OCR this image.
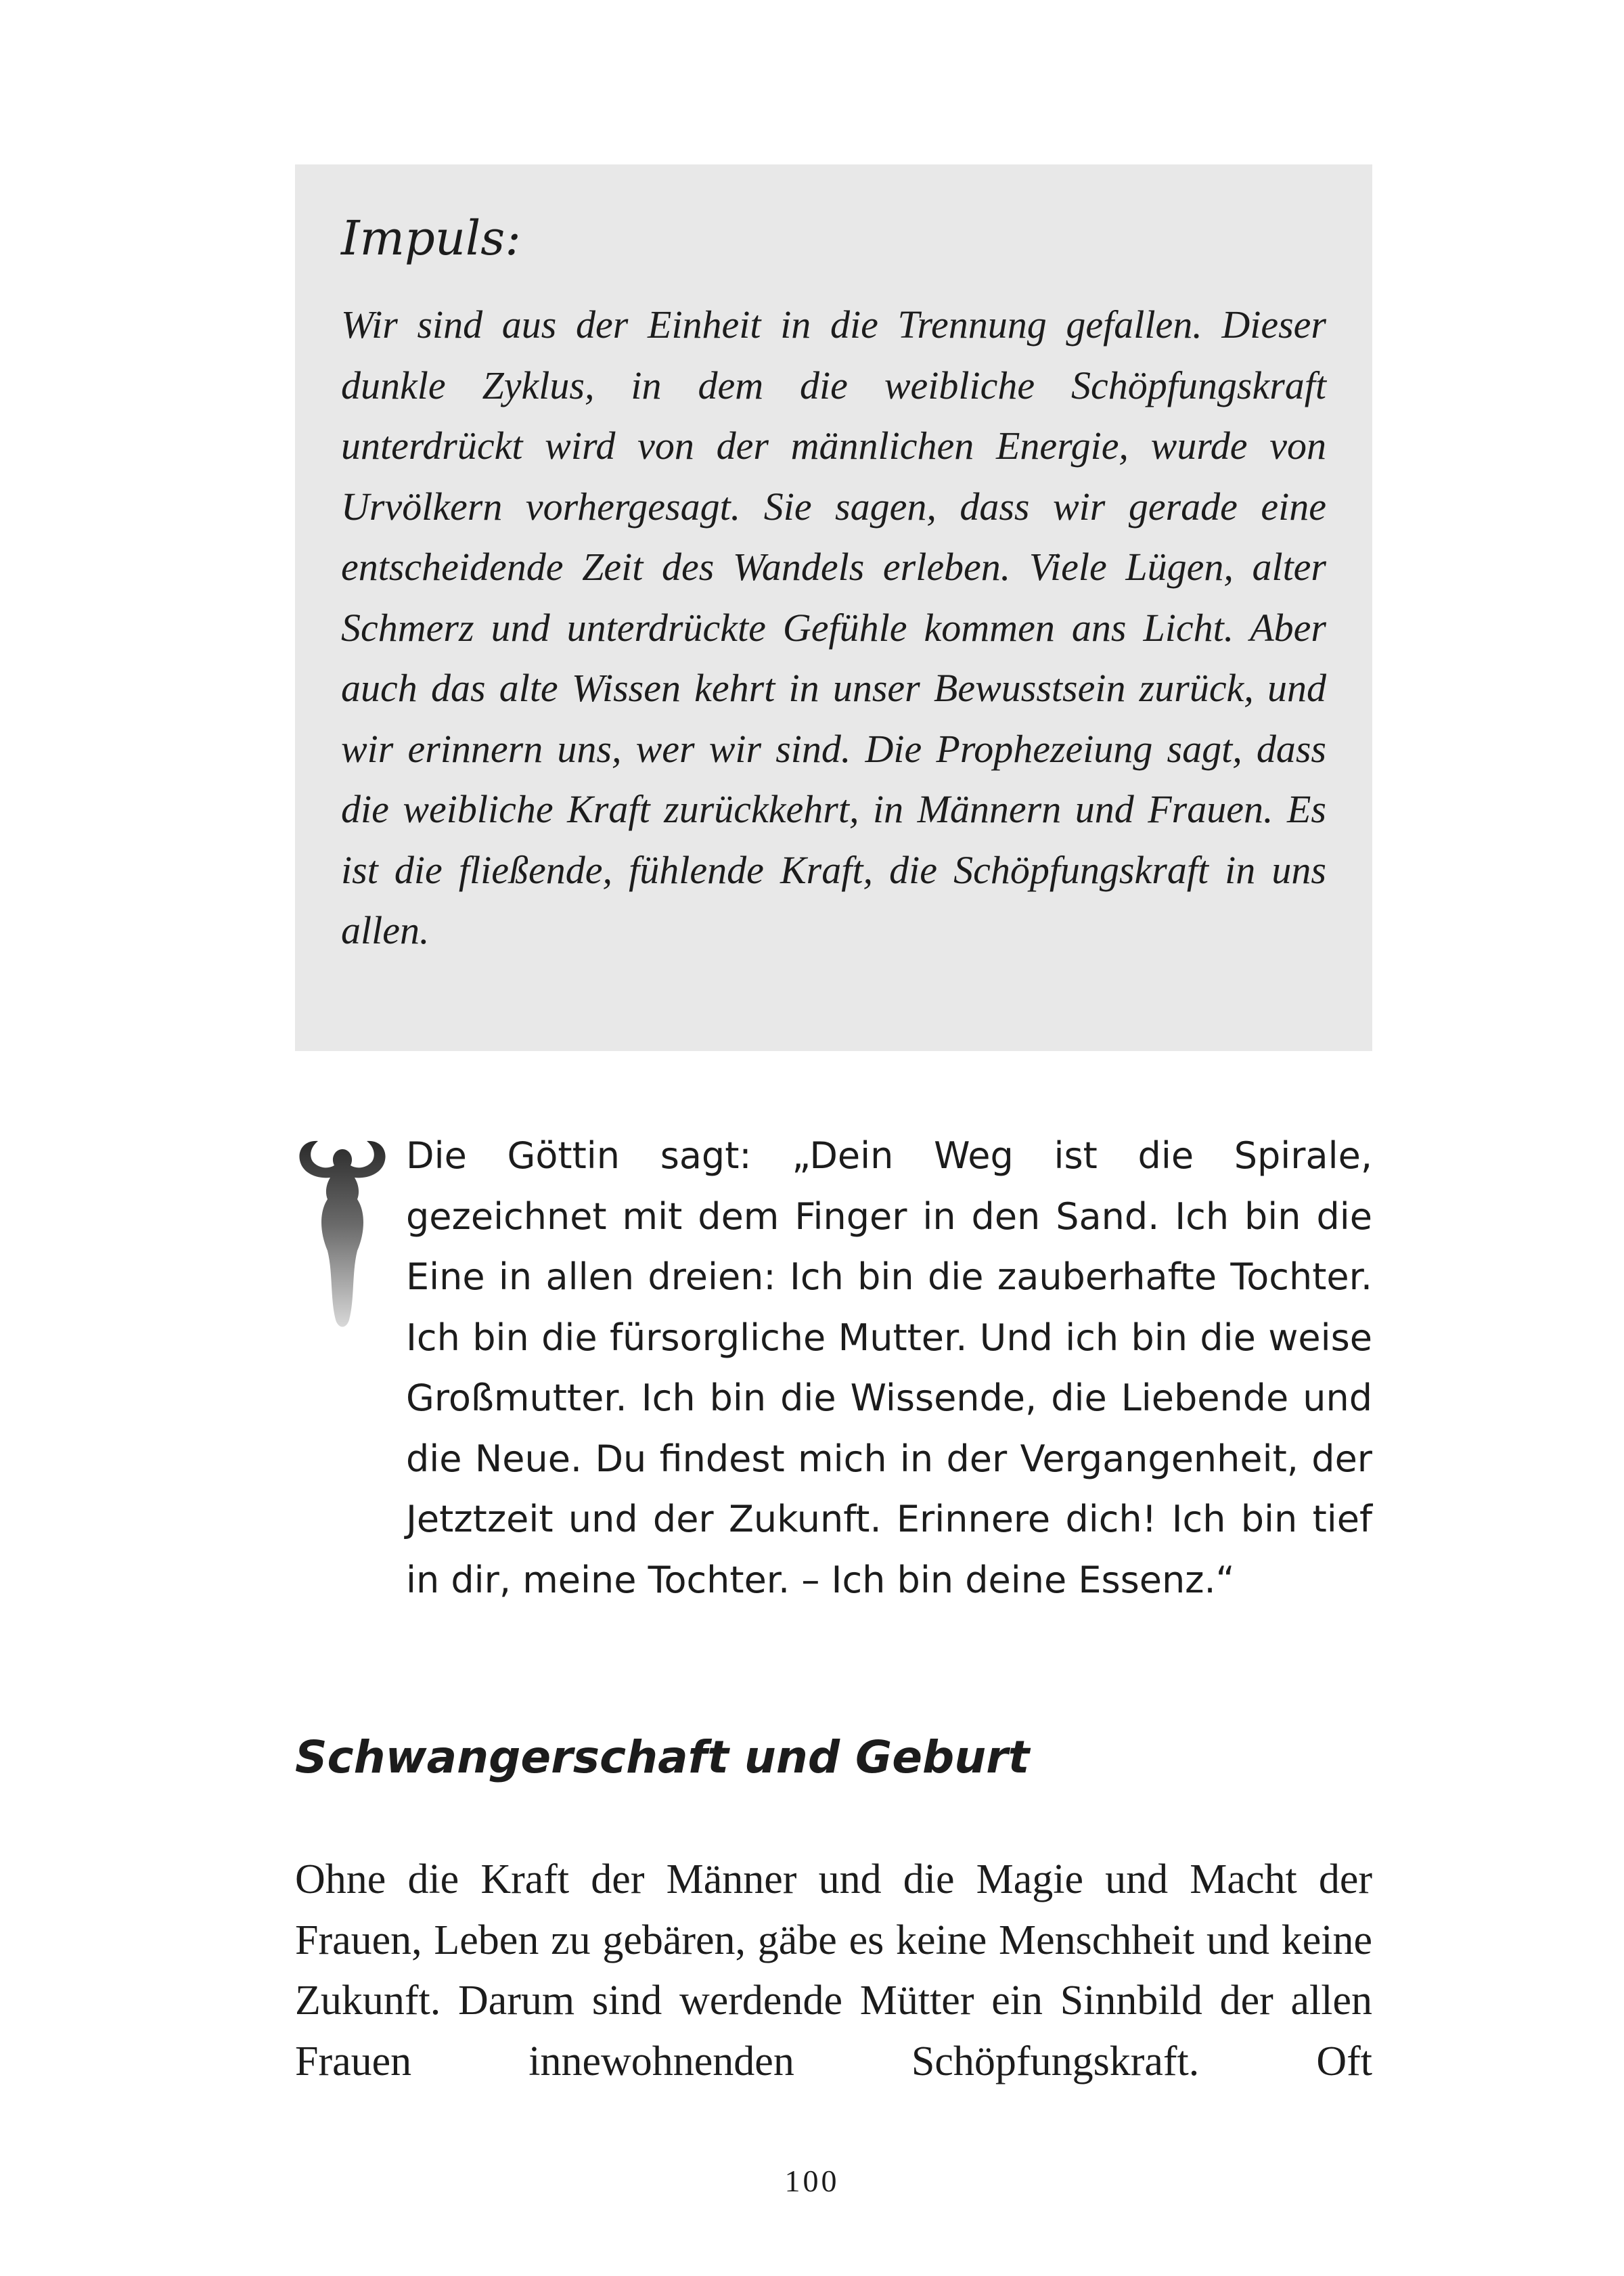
Impuls:

Wir sind aus der Einheit in die Trennung gefallen. Dieser dunkle Zyklus, in dem die weibliche Schöpfungskraft unterdrückt wird von der männlichen Energie, wurde von Urvölkern vorhergesagt. Sie sagen, dass wir gerade eine entscheidende Zeit des Wandels erleben. Viele Lügen, alter Schmerz und unterdrückte Gefühle kommen ans Licht. Aber auch das alte Wissen kehrt in unser Bewusstsein zurück, und wir erinnern uns, wer wir sind. Die Prophezeiung sagt, dass die weibliche Kraft zurückkehrt, in Männern und Frauen. Es ist die fließende, fühlende Kraft, die Schöpfungskraft in uns allen.

Die Göttin sagt: „Dein Weg ist die Spirale, gezeichnet mit dem Finger in den Sand. Ich bin die Eine in allen dreien: Ich bin die zauberhafte Tochter. Ich bin die fürsorgliche Mutter. Und ich bin die weise Großmutter. Ich bin die Wissende, die Liebende und die Neue. Du findest mich in der Vergangenheit, der Jetztzeit und der Zukunft. Erinnere dich! Ich bin tief in dir, meine Tochter. – Ich bin deine Essenz.“

Schwangerschaft und Geburt

Ohne die Kraft der Männer und die Magie und Macht der Frauen, Leben zu gebären, gäbe es keine Menschheit und keine Zukunft. Darum sind werdende Mütter ein Sinnbild der allen Frauen innewohnenden Schöpfungskraft. Oft

100
